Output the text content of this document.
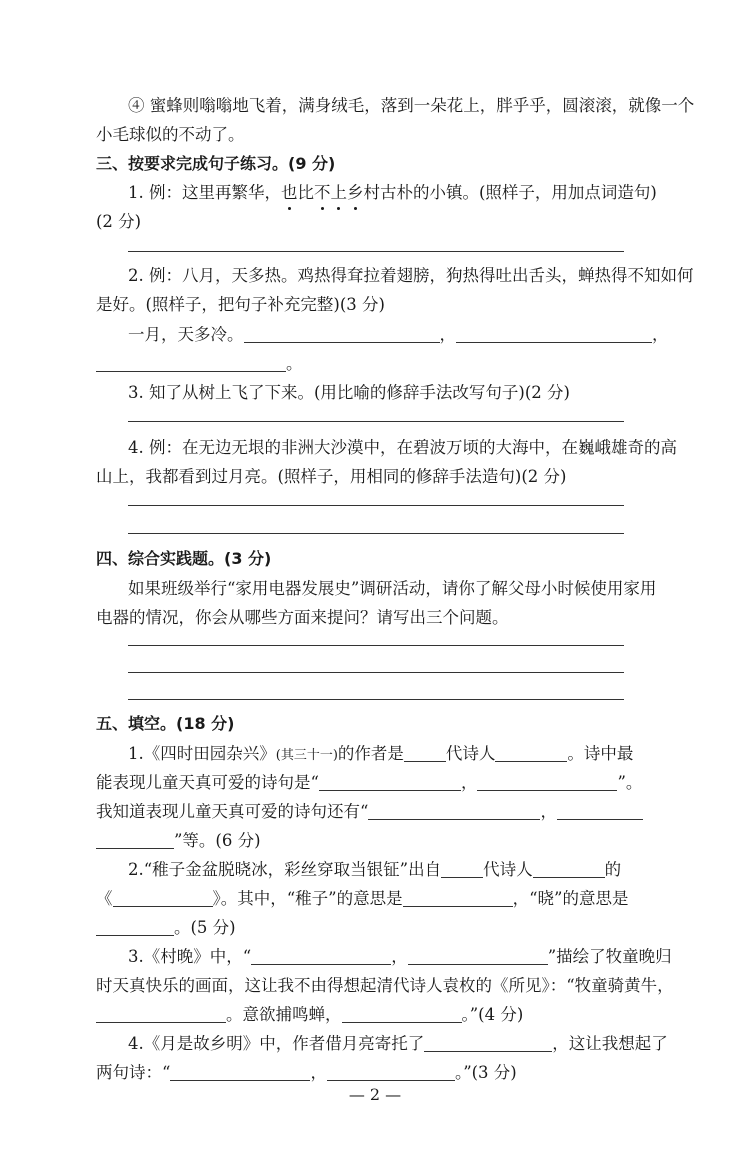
④ 蜜蜂则嗡嗡地飞着，满身绒毛，落到一朵花上，胖乎乎，圆滚滚，就像一个
小毛球似的不动了。
三、按要求完成句子练习。(9 分)
1. 例：这里再繁华，也比不上乡村古朴的小镇。(照样子，用加点词造句)
(2 分)
2. 例：八月，天多热。鸡热得耷拉着翅膀，狗热得吐出舌头，蝉热得不知如何
是好。(照样子，把句子补充完整)(3 分)
一月，天多冷。	，	，
。
3. 知了从树上飞了下来。(用比喻的修辞手法改写句子)(2 分)
4. 例：在无边无垠的非洲大沙漠中，在碧波万顷的大海中，在巍峨雄奇的高
山上，我都看到过月亮。(照样子，用相同的修辞手法造句)(2 分)
四、综合实践题。(3 分)
如果班级举行“家用电器发展史”调研活动，请你了解父母小时候使用家用
电器的情况，你会从哪些方面来提问？请写出三个问题。
五、填空。(18 分)
1.《四时田园杂兴》(其三十一)的作者是	代诗人	。诗中最
能表现儿童天真可爱的诗句是“	，	”。
我知道表现儿童天真可爱的诗句还有“	，
”等。(6 分)
2.“稚子金盆脱晓冰，彩丝穿取当银钲”出自	代诗人	的
《	》。其中，“稚子”的意思是	，“晓”的意思是
。(5 分)
3.《村晚》中，“	，	”描绘了牧童晚归
时天真快乐的画面，这让我不由得想起清代诗人袁枚的《所见》：“牧童骑黄牛，
。意欲捕鸣蝉，	。”(4 分)
4.《月是故乡明》中，作者借月亮寄托了	，这让我想起了
两句诗：“	，	。”(3 分)
— 2 —
